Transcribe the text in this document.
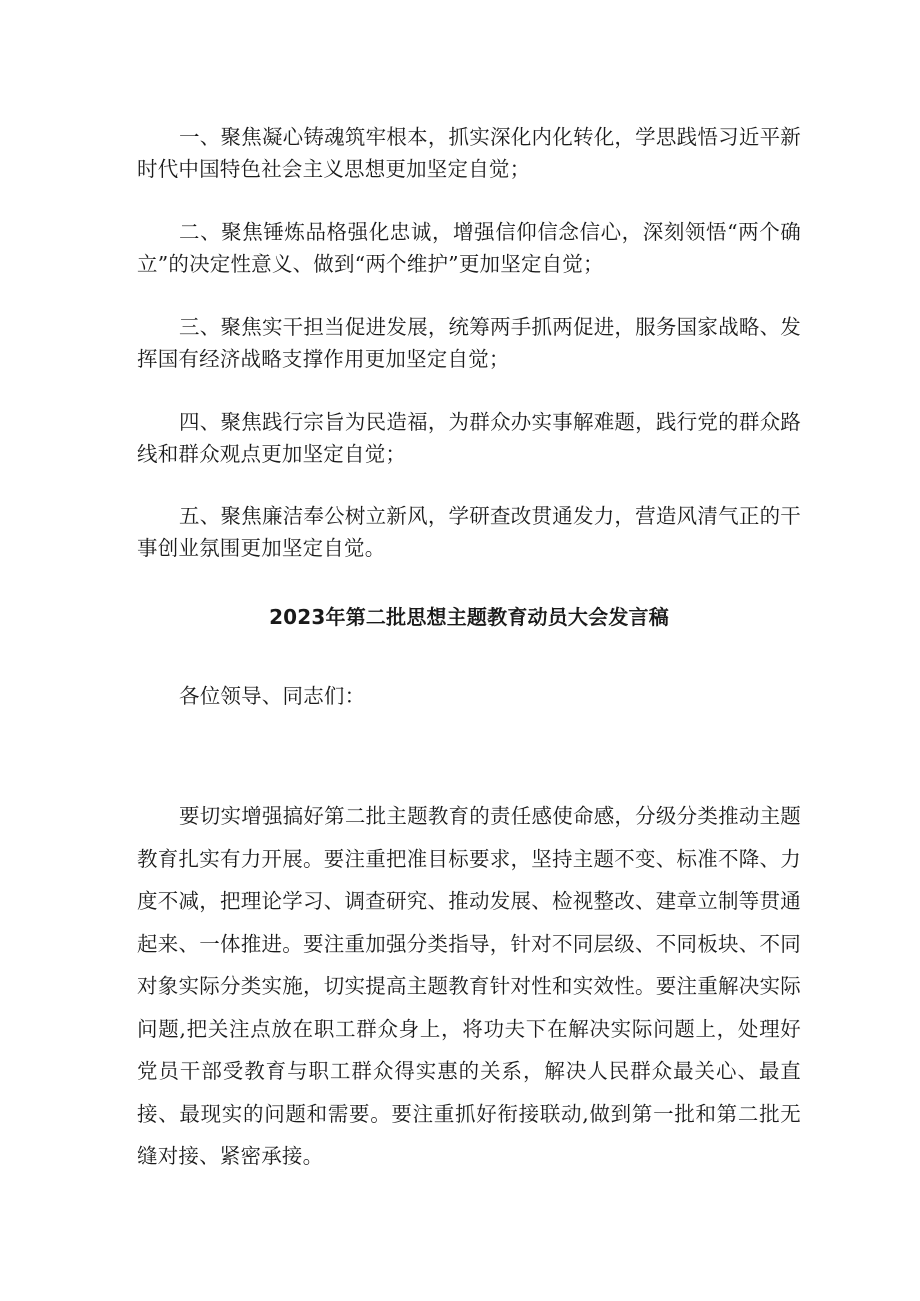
一、聚焦凝心铸魂筑牢根本，抓实深化内化转化，学思践悟习近平新时代中国特色社会主义思想更加坚定自觉；

二、聚焦锤炼品格强化忠诚，增强信仰信念信心，深刻领悟“两个确立”的决定性意义、做到“两个维护”更加坚定自觉；

三、聚焦实干担当促进发展，统筹两手抓两促进，服务国家战略、发挥国有经济战略支撑作用更加坚定自觉；

四、聚焦践行宗旨为民造福，为群众办实事解难题，践行党的群众路线和群众观点更加坚定自觉；

五、聚焦廉洁奉公树立新风，学研查改贯通发力，营造风清气正的干事创业氛围更加坚定自觉。

2023年第二批思想主题教育动员大会发言稿

各位领导、同志们：

要切实增强搞好第二批主题教育的责任感使命感，分级分类推动主题教育扎实有力开展。要注重把准目标要求，坚持主题不变、标准不降、力度不减，把理论学习、调查研究、推动发展、检视整改、建章立制等贯通起来、一体推进。要注重加强分类指导，针对不同层级、不同板块、不同对象实际分类实施，切实提高主题教育针对性和实效性。要注重解决实际问题,把关注点放在职工群众身上，将功夫下在解决实际问题上，处理好党员干部受教育与职工群众得实惠的关系，解决人民群众最关心、最直接、最现实的问题和需要。要注重抓好衔接联动,做到第一批和第二批无缝对接、紧密承接。
